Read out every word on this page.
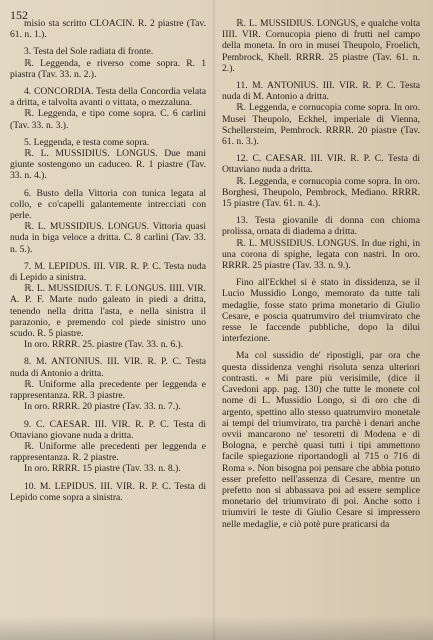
152

misio sta scritto CLOACIN. R. 2 piastre (Tav. 61. n. 1.).

3. Testa del Sole radiata di fronte.

ℝ. Leggenda, e riverso come sopra. R. 1 piastra (Tav. 33. n. 2.).

4. CONCORDIA. Testa della Concordia velata a dritta, e talvolta avanti o vittata, o mezzaluna.

ℝ. Leggenda, e tipo come sopra. C. 6 carlini (Tav. 33. n. 3.).

5. Leggenda, e testa come sopra.

ℝ. L. MUSSIDIUS. LONGUS. Due mani giunte sostengono un caduceo. R. 1 piastre (Tav. 33. n. 4.).

6. Busto della Vittoria con tunica legata al collo, e co'capelli galantemente intrecciati con perle.

ℝ. L. MUSSIDIUS. LONGUS. Vittoria quasi nuda in biga veloce a dritta. C. 8 carlini (Tav. 33. n. 5.).

7. M. LEPIDUS. III. VIR. R. P. C. Testa nuda di Lepido a sinistra.

ℝ. L. MUSSIDIUS. T. F. LONGUS. IIII. VIR. A. P. F. Marte nudo galeato in piedi a dritta, tenendo nella dritta l'asta, e nella sinistra il parazonio, e premendo col piede sinistro uno scudo. R. 5 piastre.

In oro. RRRR. 25. piastre (Tav. 33. n. 6.).

8. M. ANTONIUS. III. VIR. R. P. C. Testa nuda di Antonio a dritta.

ℝ. Uniforme alla precedente per leggenda e rappresentanza. RR. 3 piastre.

In oro. RRRR. 20 piastre (Tav. 33. n. 7.).

9. C. CAESAR. III. VIR. R. P. C. Testa di Ottaviano giovane nuda a dritta.

ℝ. Uniforme alle precedenti per leggenda e rappresentanza. R. 2 piastre.

In oro. RRRR. 15 piastre (Tav. 33. n. 8.).

10. M. LEPIDUS. III. VIR. R. P. C. Testa di Lepido come sopra a sinistra.

ℝ. L. MUSSIDIUS. LONGUS, e qualche volta IIII. VIR. Cornucopia pieno di frutti nel campo della moneta. In oro in musei Theupolo, Froelich, Pembrock, Khell. RRRR. 25 piastre (Tav. 61. n. 2.).

11. M. ANTONIUS. III. VIR. R. P. C. Testa nuda di M. Antonio a dritta.

ℝ. Leggenda, e cornucopia come sopra. In oro. Musei Theupolo, Eckhel, imperiale di Vienna, Schellersteim, Pembrock. RRRR. 20 piastre (Tav. 61. n. 3.).

12. C. CAESAR. III. VIR. R. P. C. Testa di Ottaviano nuda a dritta.

ℝ. Leggenda, e cornucopia come sopra. In oro. Borghesi, Theupolo, Pembrock, Mediano. RRRR. 15 piastre (Tav. 61. n. 4.).

13. Testa giovanile di donna con chioma prolissa, ornata di diadema a dritta.

ℝ. L. MUSSIDIUS. LONGUS. In due righi, in una corona di spighe, legata con nastri. In oro. RRRR. 25 piastre (Tav. 33. n. 9.).

Fino all'Eckhel si è stato in dissidenza, se il Lucio Mussidio Longo, memorato da tutte tali medaglie, fosse stato prima monetario di Giulio Cesare, e poscia quatrumviro del triumvirato che resse le faccende pubbliche, dopo la dilui interfezione.

Ma col sussidio de' ripostigli, par ora che questa dissidenza venghi risoluta senza ulteriori contrasti. « Mi pare più verisimile, (dice il Cavedoni app. pag. 130) che tutte le monete col nome di L. Mussidio Longo, sì di oro che di argento, spettino allo stesso quatrumviro monetale ai tempi del triumvirato, tra parchè i denari anche ovvii mancarono ne' tesoretti di Modena e di Bologna, e perchè quasi tutti i tipi ammettono facile spiegazione riportandogli al 715 o 716 di Roma ». Non bisogna poi pensare che abbia potuto esser prefetto nell'assenza di Cesare, mentre un prefetto non si abbassava poi ad essere semplice monetario del triumvirato di poi. Anche sotto i triumviri le teste di Giulio Cesare si impressero nelle medaglie, e ciò potè pure praticarsi da
